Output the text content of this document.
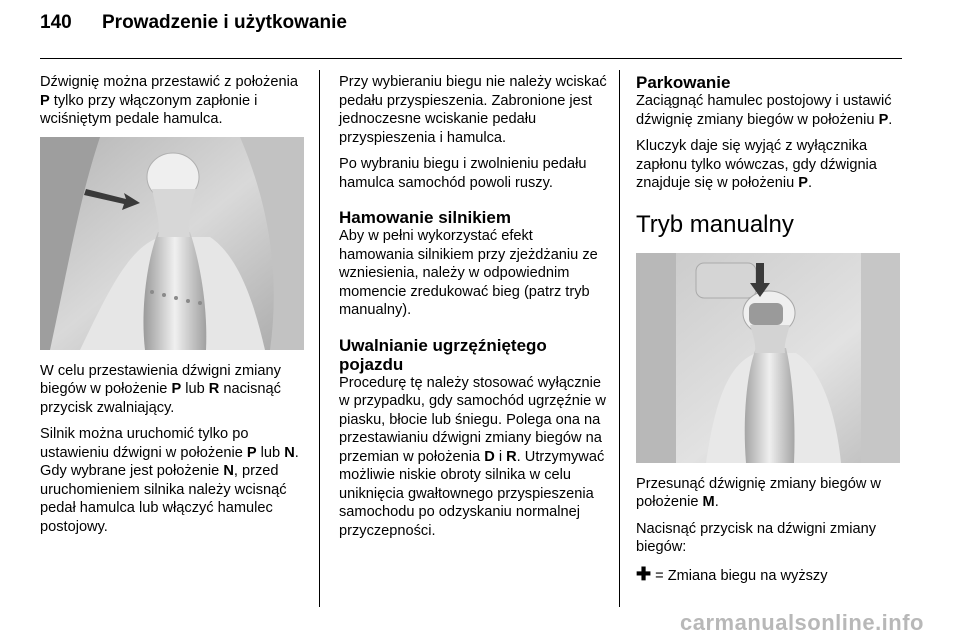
140 Prowadzenie i użytkowanie

Dźwignię można przestawić z położenia P tylko przy włączonym zapłonie i wciśniętym pedale hamulca.

W celu przestawienia dźwigni zmiany biegów w położenie P lub R nacisnąć przycisk zwalniający.

Silnik można uruchomić tylko po ustawieniu dźwigni w położenie P lub N. Gdy wybrane jest położenie N, przed uruchomieniem silnika należy wcisnąć pedał hamulca lub włączyć hamulec postojowy.

Przy wybieraniu biegu nie należy wciskać pedału przyspieszenia. Zabronione jest jednoczesne wciskanie pedału przyspieszenia i hamulca.

Po wybraniu biegu i zwolnieniu pedału hamulca samochód powoli ruszy.

Hamowanie silnikiem

Aby w pełni wykorzystać efekt hamowania silnikiem przy zjeżdżaniu ze wzniesienia, należy w odpowiednim momencie zredukować bieg (patrz tryb manualny).

Uwalnianie ugrzęźniętego pojazdu

Procedurę tę należy stosować wyłącznie w przypadku, gdy samochód ugrzęźnie w piasku, błocie lub śniegu. Polega ona na przestawianiu dźwigni zmiany biegów na przemian w położenia D i R. Utrzymywać możliwie niskie obroty silnika w celu uniknięcia gwałtownego przyspieszenia samochodu po odzyskaniu normalnej przyczepności.

Parkowanie

Zaciągnąć hamulec postojowy i ustawić dźwignię zmiany biegów w położeniu P.

Kluczyk daje się wyjąć z wyłącznika zapłonu tylko wówczas, gdy dźwignia znajduje się w położeniu P.

Tryb manualny

Przesunąć dźwignię zmiany biegów w położenie M.

Nacisnąć przycisk na dźwigni zmiany biegów:

✚ = Zmiana biegu na wyższy

carmanualsonline.info
